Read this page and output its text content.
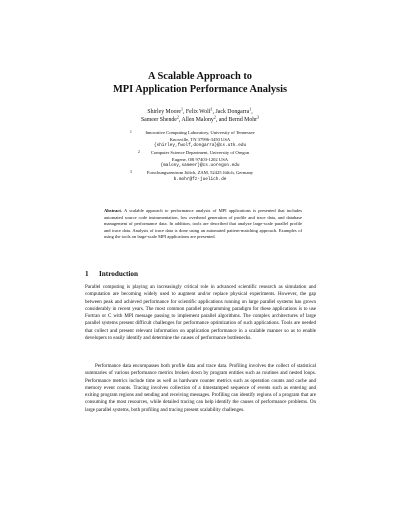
A Scalable Approach to
MPI Application Performance Analysis
Shirley Moore$^1$, Felix Wolf$^1$, Jack Dongarra$^1$,
Sameer Shende$^2$, Allen Malony$^2$, and Bernd Mohr$^3$
1	Innovative Computing Laboratory, University of Tennessee
Knoxville, TN 37996-3450 USA
{shirley,fwolf,dongarra}@cs.utk.edu
2 Computer Science Department, University of Oregon
Eugene, OR 97403-1202 USA
{malony,sameer}@cs.uoregon.edu
3	Forschungszentrum Jülich, ZAM, 52425 Jülich, Germany
b.mohr@fz-juelich.de

Abstract. A scalable approach to performance analysis of MPI applications is presented that includes automated source code instrumentation, low overhead generation of profile and trace data, and database management of performance data. In addition, tools are described that analyze large-scale parallel profile and trace data. Analysis of trace data is done using an automated pattern-matching approach. Examples of using the tools on large-scale MPI applications are presented.

1 Introduction

Parallel computing is playing an increasingly critical role in advanced scientific research as simulation and computation are becoming widely used to augment and/or replace physical experiments. However, the gap between peak and achieved performance for scientific applications running on large parallel systems has grown considerably in recent years. The most common parallel programming paradigm for these applications is to use Fortran or C with MPI message passing to implement parallel algorithms. The complex architectures of large parallel systems present difficult challenges for performance optimization of such applications. Tools are needed that collect and present relevant information on application performance in a scalable manner so as to enable developers to easily identify and determine the causes of performance bottlenecks.

Performance data encompasses both profile data and trace data. Profiling involves the collect of statistical summaries of various performance metrics broken down by program entities such as routines and nested loops. Performance metrics include time as well as hardware counter metrics such as operation counts and cache and memory event counts. Tracing involves collection of a timestamped sequence of events such as entering and exiting program regions and sending and receiving messages. Profiling can identify regions of a program that are consuming the most resources, while detailed tracing can help identify the causes of performance problems. On large parallel systems, both profiling and tracing present scalability challenges.
